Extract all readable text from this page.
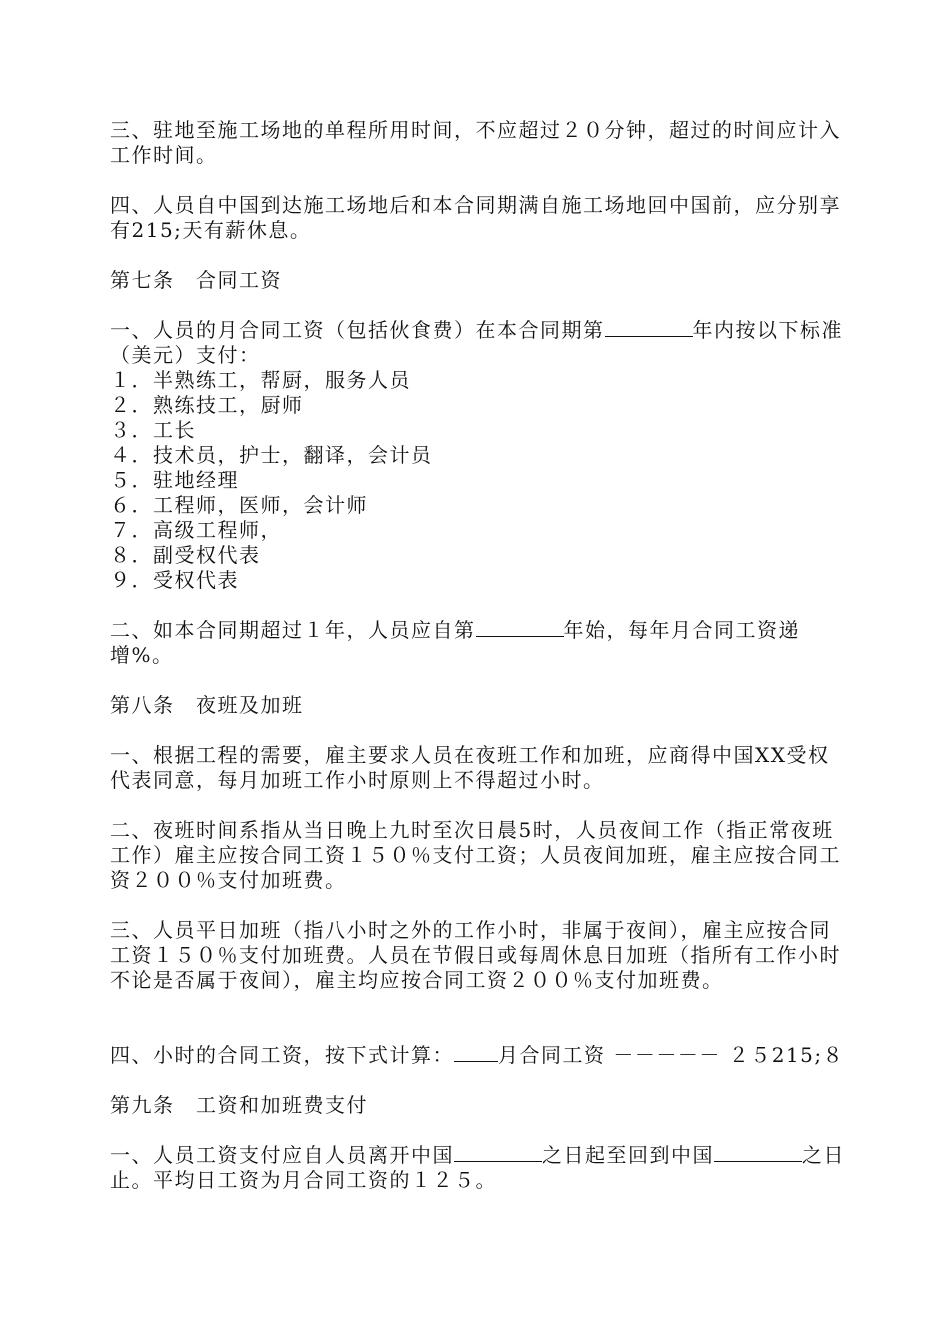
三、驻地至施工场地的单程所用时间，不应超过２０分钟，超过的时间应计入工作时间。

四、人员自中国到达施工场地后和本合同期满自施工场地回中国前，应分别享有215;天有薪休息。

第七条　合同工资

一、人员的月合同工资（包括伙食费）在本合同期第	年内按以下标准（美元）支付：

１．半熟练工，帮厨，服务人员
２．熟练技工，厨师
３．工长
４．技术员，护士，翻译，会计员
５．驻地经理
６．工程师，医师，会计师
７．高级工程师，
８．副受权代表
９．受权代表

二、如本合同期超过１年，人员应自第	年始，每年月合同工资递增%。

第八条　夜班及加班

一、根据工程的需要，雇主要求人员在夜班工作和加班，应商得中国XX受权代表同意，每月加班工作小时原则上不得超过小时。

二、夜班时间系指从当日晚上九时至次日晨5时，人员夜间工作（指正常夜班工作）雇主应按合同工资１５０％支付工资；人员夜间加班，雇主应按合同工资２００％支付加班费。

三、人员平日加班（指八小时之外的工作小时，非属于夜间），雇主应按合同 工资１５０％支付加班费。人员在节假日或每周休息日加班（指所有工作小时不论是否属于夜间），雇主均应按合同工资２００％支付加班费。

四、小时的合同工资，按下式计算： 月合同工资 －－－－－ ２５215;８

第九条　工资和加班费支付

一、人员工资支付应自人员离开中国	之日起至回到中国	之日止。平均日工资为月合同工资的１２５。
